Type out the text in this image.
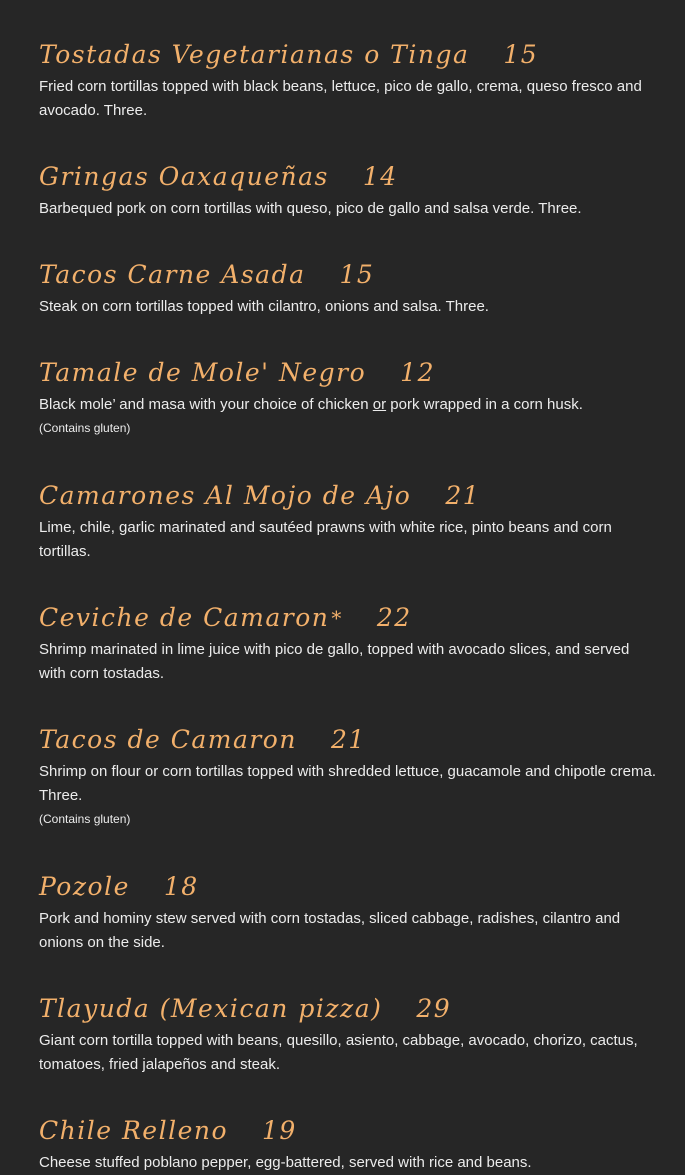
Tostadas Vegetarianas o Tinga 15
Fried corn tortillas topped with black beans, lettuce, pico de gallo, crema, queso fresco and avocado. Three.
Gringas Oaxaqueñas 14
Barbequed pork on corn tortillas with queso, pico de gallo and salsa verde. Three.
Tacos Carne Asada 15
Steak on corn tortillas topped with cilantro, onions and salsa. Three.
Tamale de Mole' Negro 12
Black mole’ and masa with your choice of chicken or pork wrapped in a corn husk.
(Contains gluten)
Camarones Al Mojo de Ajo 21
Lime, chile, garlic marinated and sautéed prawns with white rice, pinto beans and corn tortillas.
Ceviche de Camaron * 22
Shrimp marinated in lime juice with pico de gallo, topped with avocado slices, and served with corn tostadas.
Tacos de Camaron 21
Shrimp on flour or corn tortillas topped with shredded lettuce, guacamole and chipotle crema. Three.
(Contains gluten)
Pozole 18
Pork and hominy stew served with corn tostadas, sliced cabbage, radishes, cilantro and onions on the side.
Tlayuda (Mexican pizza) 29
Giant corn tortilla topped with beans, quesillo, asiento, cabbage, avocado, chorizo, cactus, tomatoes, fried jalapeños and steak.
Chile Relleno 19
Cheese stuffed poblano pepper, egg-battered, served with rice and beans.
